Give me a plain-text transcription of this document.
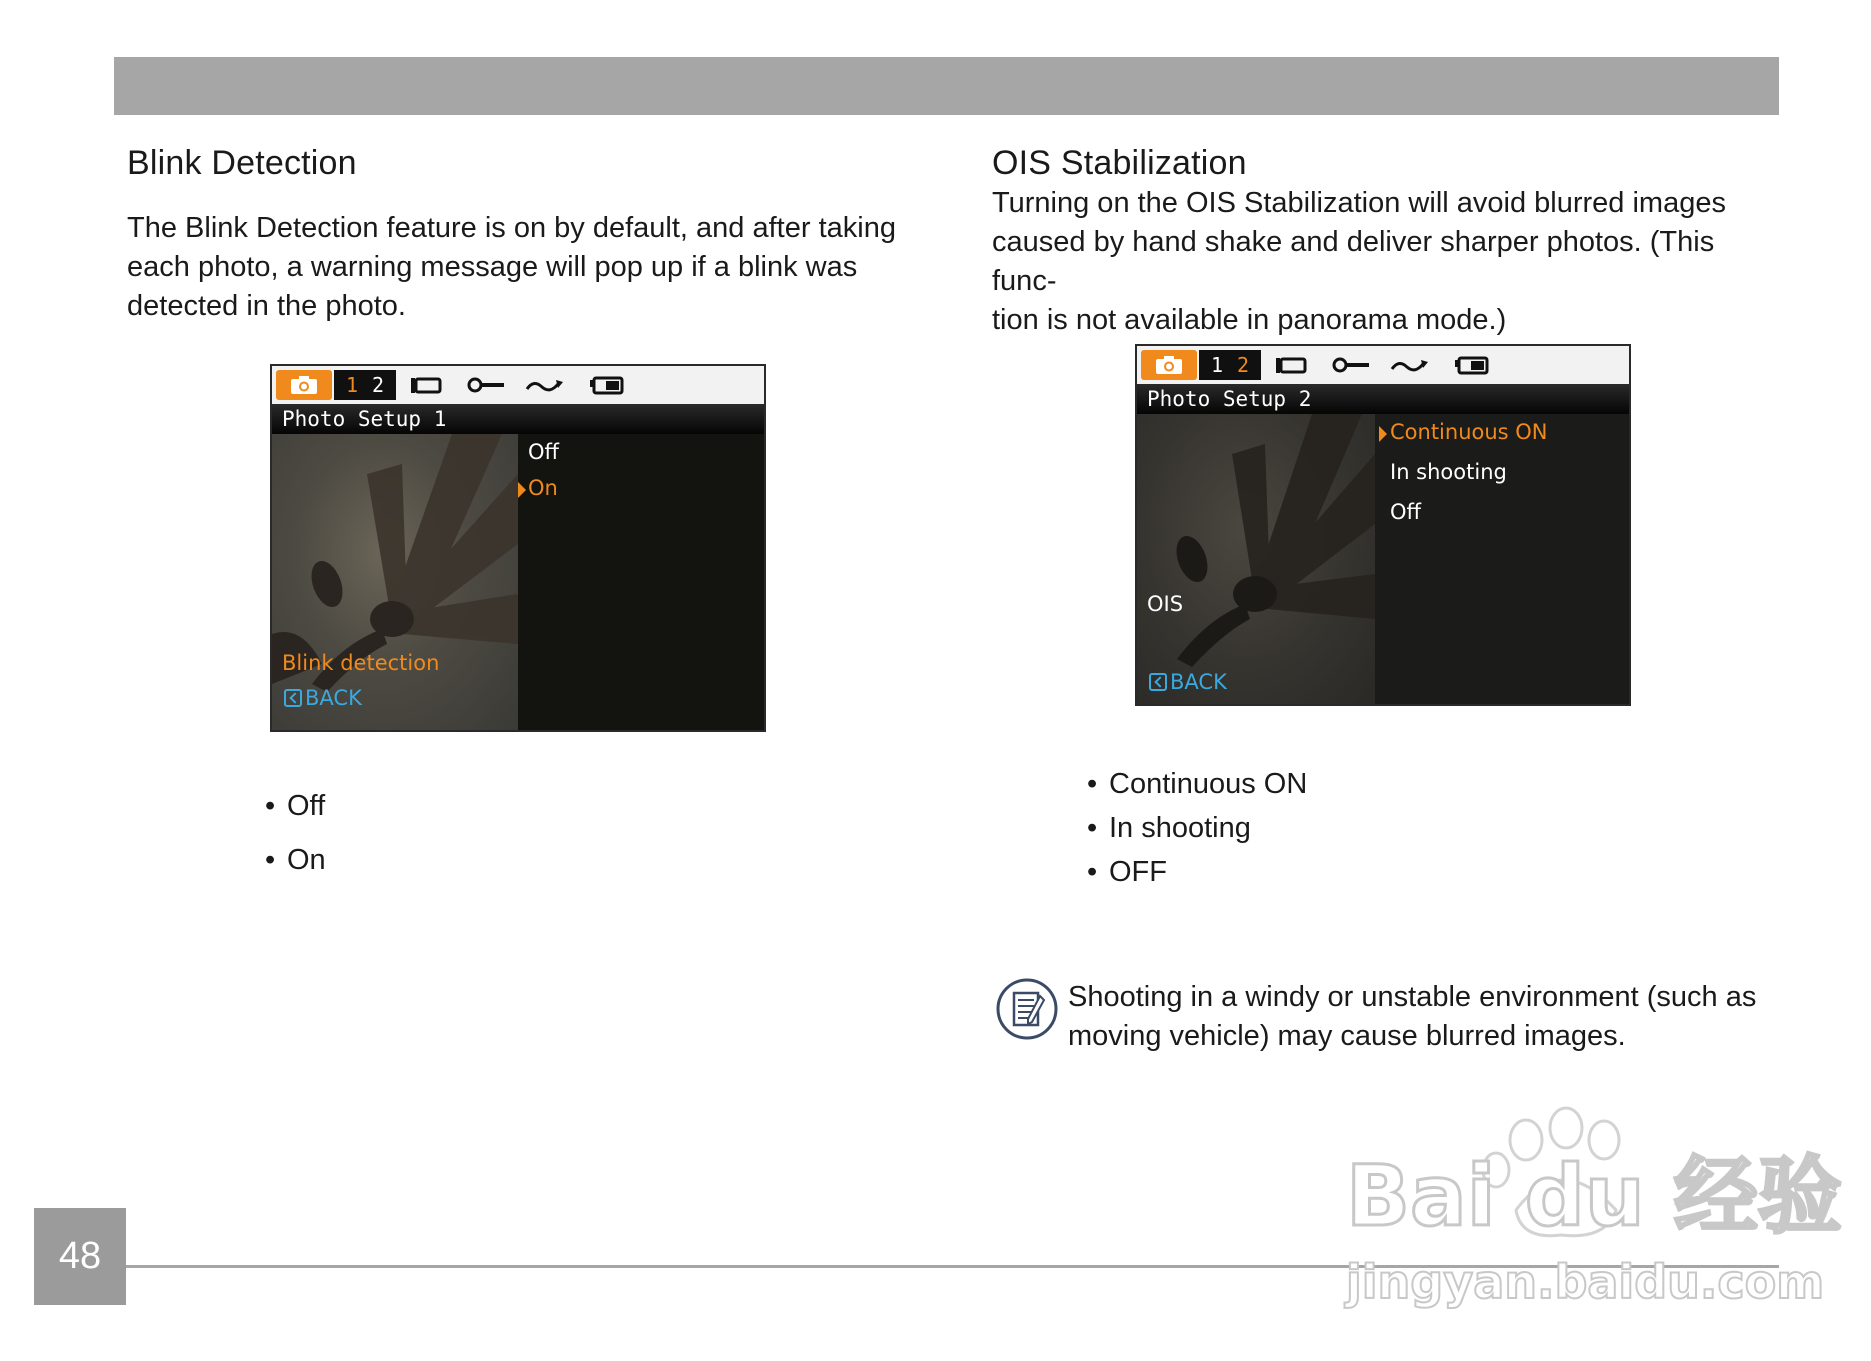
Blink Detection
The Blink Detection feature is on by default, and after taking
each photo, a warning message will pop up if a blink was
detected in the photo.
1 2
Photo Setup 1
Off
On
Blink detection
BACK
• Off
• On
OIS Stabilization
Turning on the OIS Stabilization will avoid blurred images
caused by hand shake and deliver sharper photos. (This func-
tion is not available in panorama mode.)
1 2
Photo Setup 2
Continuous ON
In shooting
Off
OIS
BACK
• Continuous ON
• In shooting
• OFF
Shooting in a windy or unstable environment (such as
moving vehicle) may cause blurred images.
48
Bai du 经验
jingyan.baidu.com
